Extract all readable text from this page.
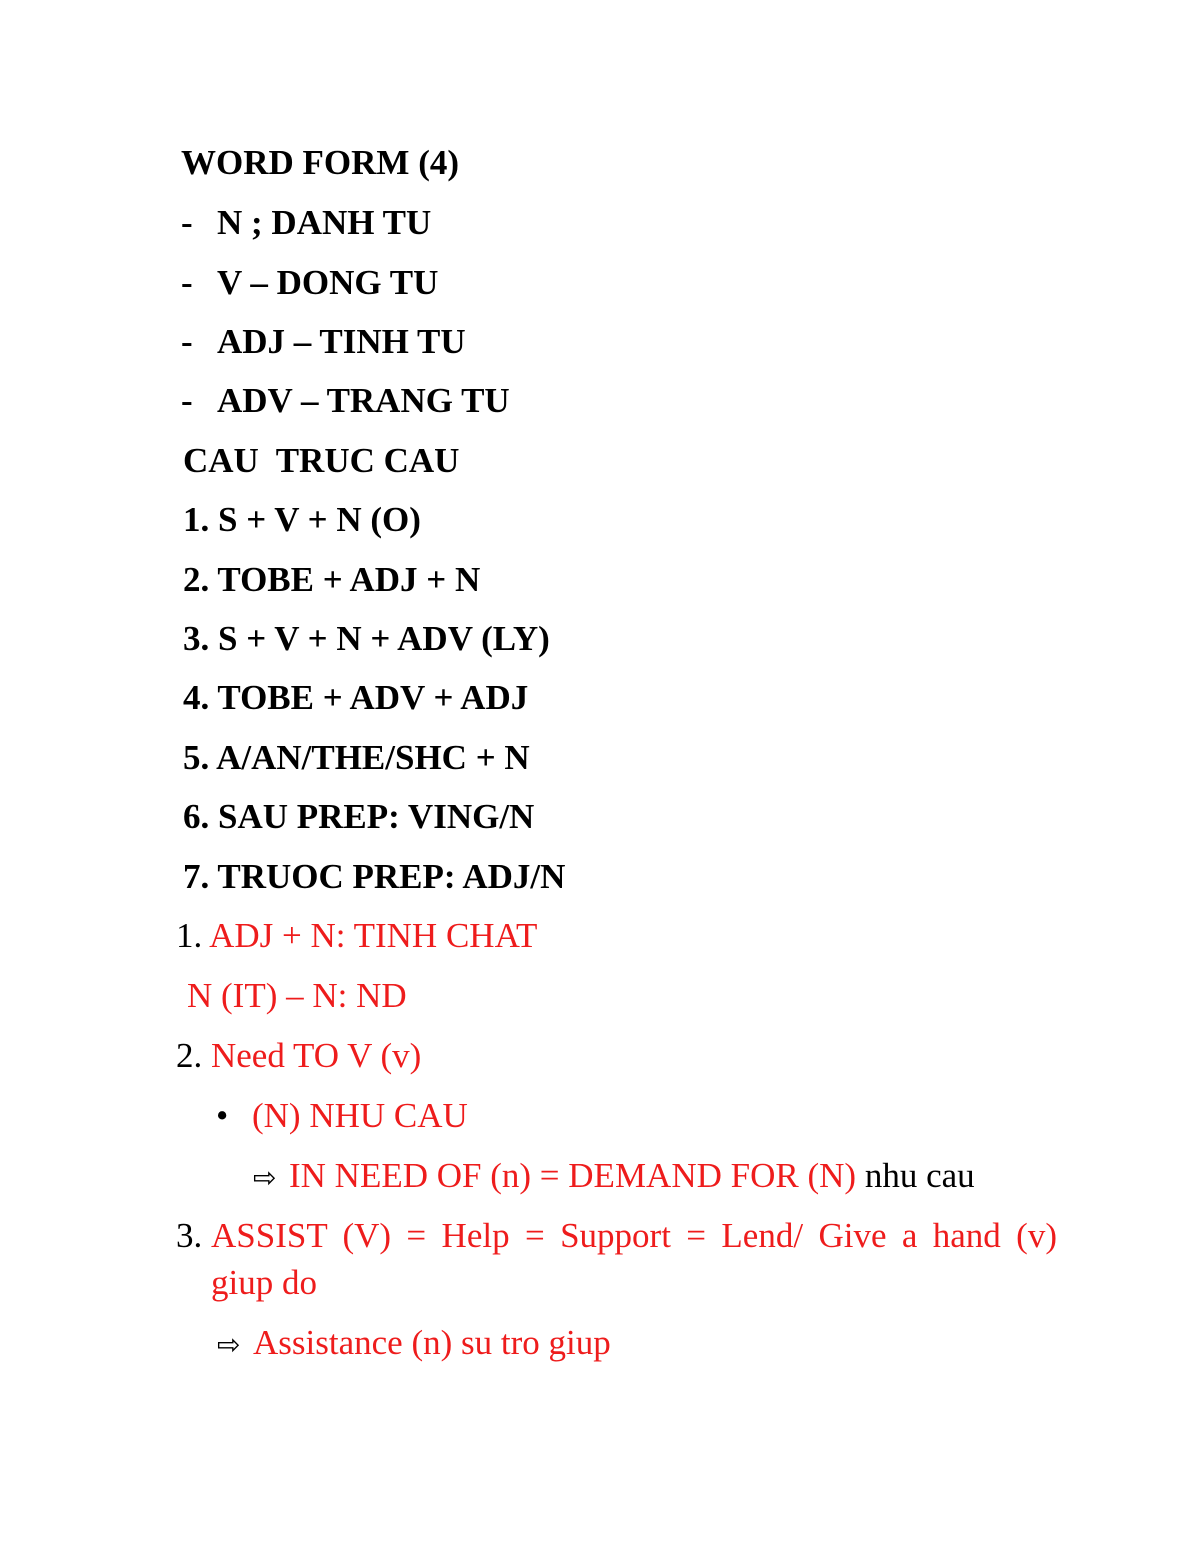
WORD FORM (4)
- N ; DANH TU
- V – DONG TU
- ADJ – TINH TU
- ADV – TRANG TU
CAU  TRUC CAU
1. S + V + N (O)
2. TOBE + ADJ + N
3. S + V + N + ADV (LY)
4. TOBE + ADV + ADJ
5. A/AN/THE/SHC + N
6. SAU PREP: VING/N
7. TRUOC PREP: ADJ/N
1. ADJ + N: TINH CHAT
N (IT) – N: ND
2. Need TO V (v)
• (N) NHU CAU
⇨ IN NEED OF (n) = DEMAND FOR (N) nhu cau
3. ASSIST (V) = Help = Support = Lend/ Give a hand (v)
giup do
⇨ Assistance (n) su tro giup
